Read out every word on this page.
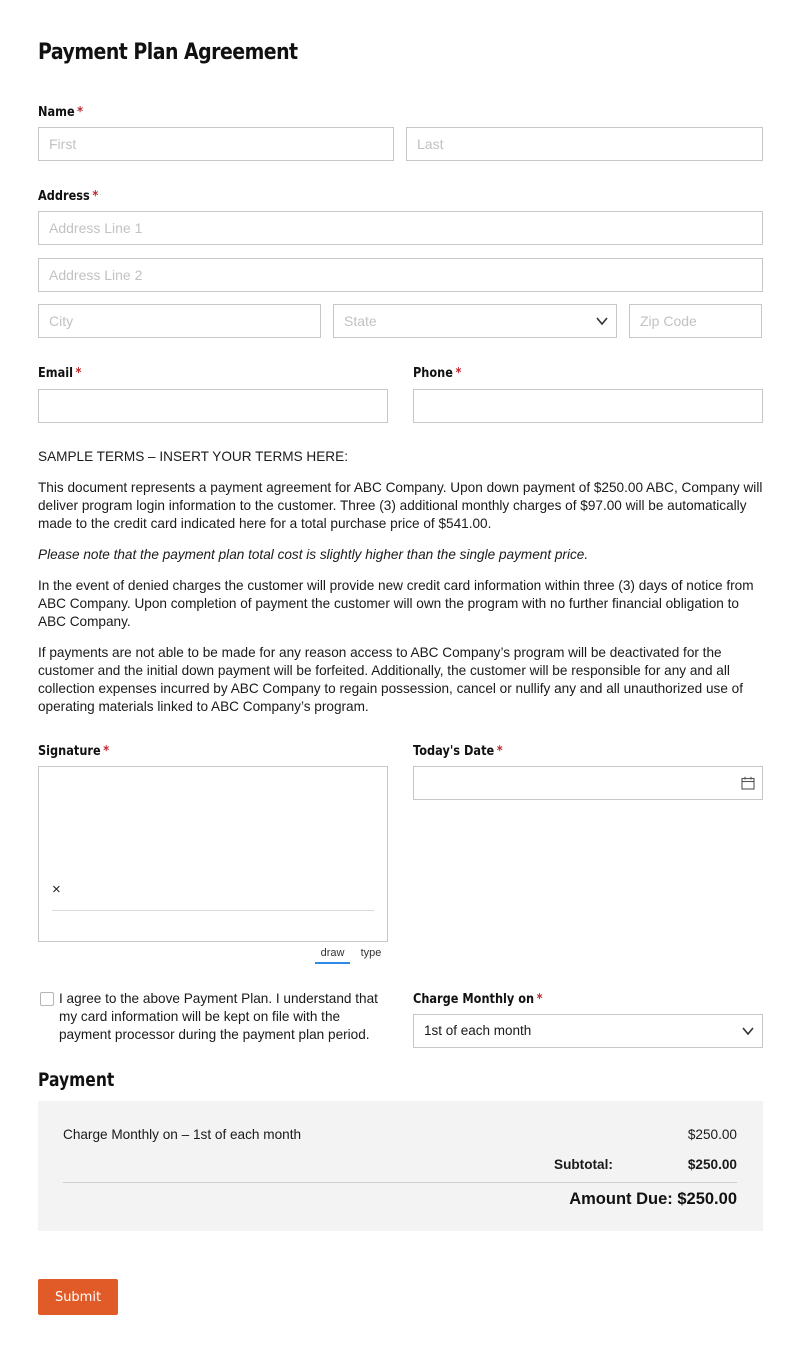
Payment Plan Agreement
Name *
First
Last
Address *
Address Line 1
Address Line 2
City
State
Zip Code
Email *	Phone *

SAMPLE TERMS – INSERT YOUR TERMS HERE:

This document represents a payment agreement for ABC Company. Upon down payment of $250.00 ABC, Company will deliver program login information to the customer. Three (3) additional monthly charges of $97.00 will be automatically made to the credit card indicated here for a total purchase price of $541.00.

Please note that the payment plan total cost is slightly higher than the single payment price.

In the event of denied charges the customer will provide new credit card information within three (3) days of notice from ABC Company. Upon completion of payment the customer will own the program with no further financial obligation to ABC Company.

If payments are not able to be made for any reason access to ABC Company’s program will be deactivated for the customer and the initial down payment will be forfeited. Additionally, the customer will be responsible for any and all collection expenses incurred by ABC Company to regain possession, cancel or nullify any and all unauthorized use of operating materials linked to ABC Company’s program.

Signature *
×
draw	type
Today's Date *
I agree to the above Payment Plan. I understand that my card information will be kept on file with the payment processor during the payment plan period.
Charge Monthly on *
1st of each month
Payment
Charge Monthly on – 1st of each month	$250.00
Subtotal:	$250.00
Amount Due: $250.00
Submit
